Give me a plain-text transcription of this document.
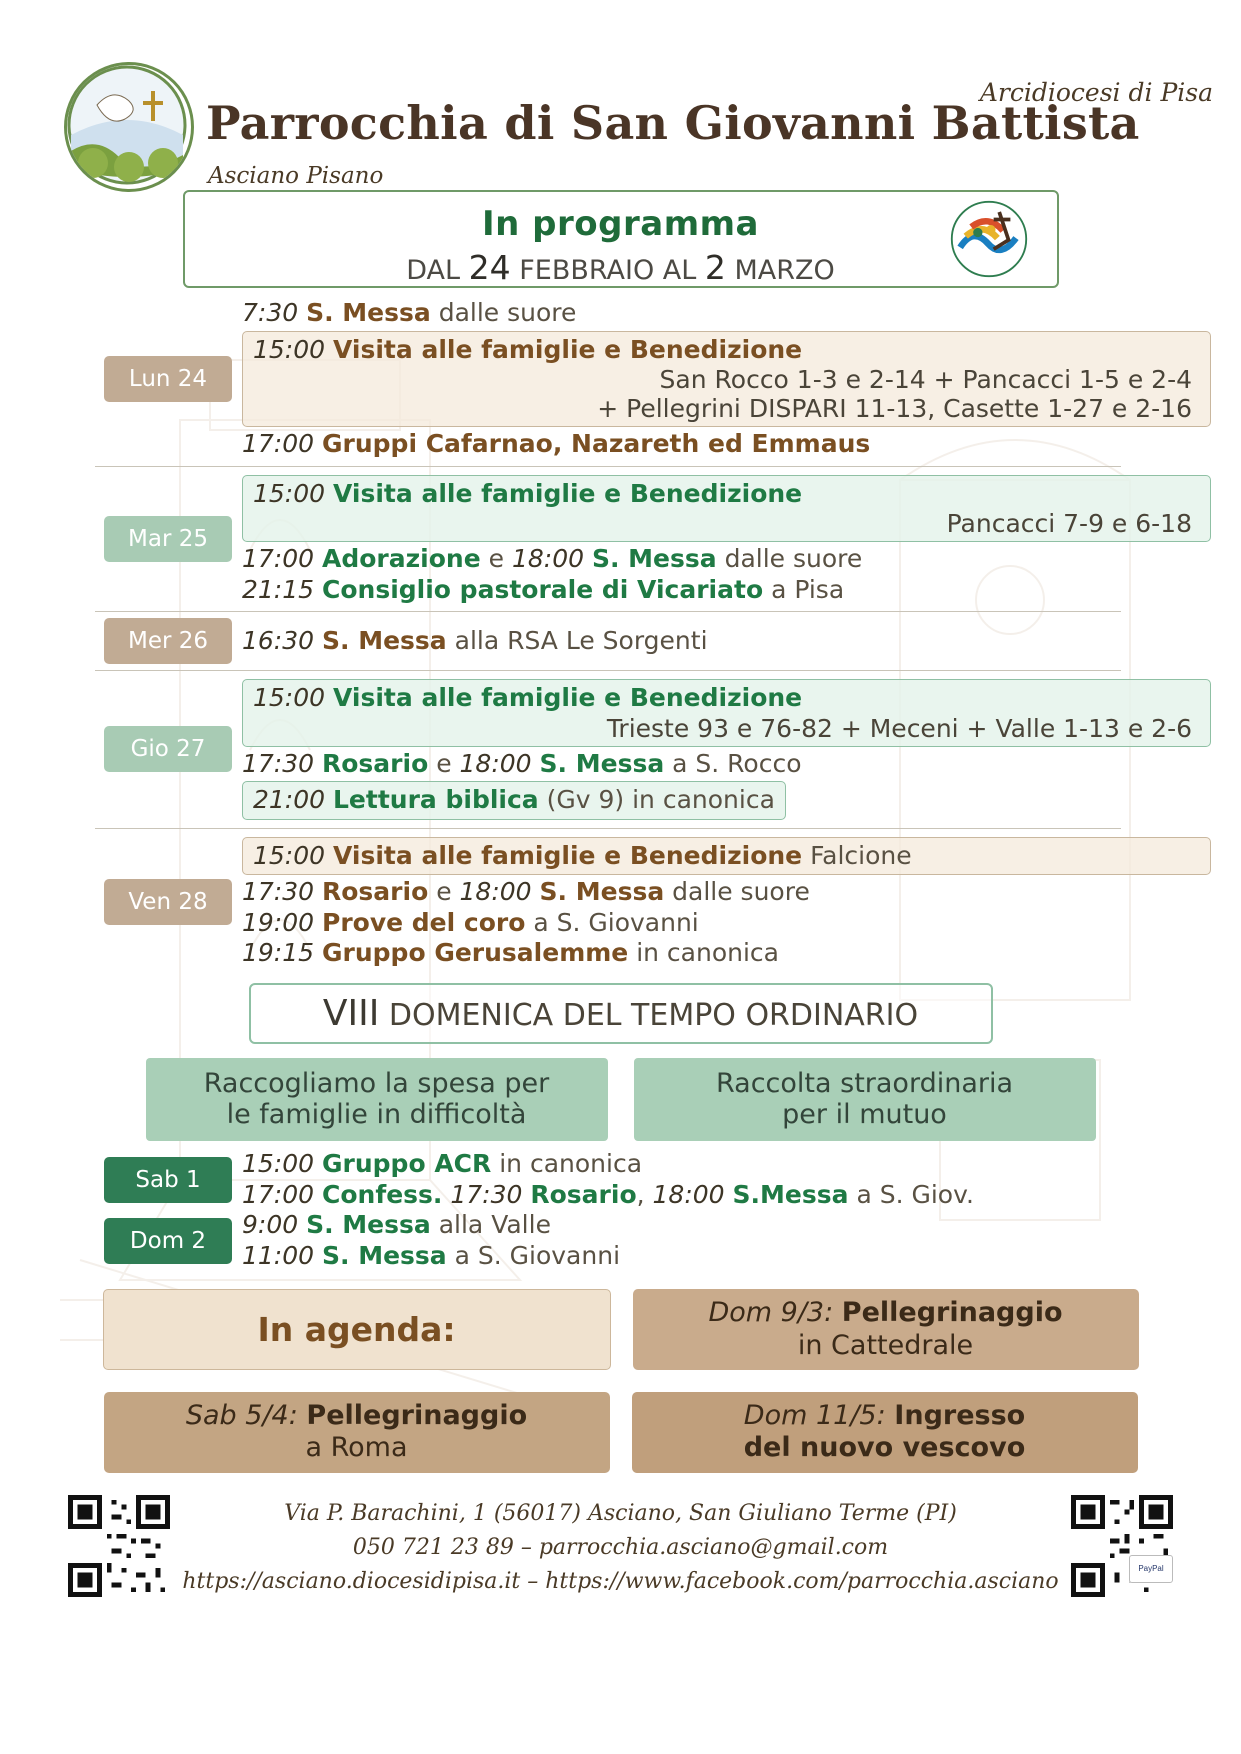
Arcidiocesi di Pisa
Parrocchia di San Giovanni Battista
Asciano Pisano
In programma
DAL 24 FEBBRAIO AL 2 MARZO
Lun 24
7:30 S. Messa dalle suore
15:00 Visita alle famiglie e Benedizione
San Rocco 1-3 e 2-14 + Pancacci 1-5 e 2-4
+ Pellegrini DISPARI 11-13, Casette 1-27 e 2-16
17:00 Gruppi Cafarnao, Nazareth ed Emmaus
Mar 25
15:00 Visita alle famiglie e Benedizione
Pancacci 7-9 e 6-18
17:00 Adorazione e 18:00 S. Messa dalle suore
21:15 Consiglio pastorale di Vicariato a Pisa
Mer 26	16:30 S. Messa alla RSA Le Sorgenti
Gio 27
15:00 Visita alle famiglie e Benedizione
Trieste 93 e 76-82 + Meceni + Valle 1-13 e 2-6
17:30 Rosario e 18:00 S. Messa a S. Rocco
21:00 Lettura biblica (Gv 9) in canonica
Ven 28
15:00 Visita alle famiglie e Benedizione Falcione
17:30 Rosario e 18:00 S. Messa dalle suore
19:00 Prove del coro a S. Giovanni
19:15 Gruppo Gerusalemme in canonica
VIII DOMENICA DEL TEMPO ORDINARIO
Raccogliamo la spesa per
le famiglie in difficoltà
Raccolta straordinaria
per il mutuo
Sab 1
15:00 Gruppo ACR in canonica
17:00 Confess. 17:30 Rosario, 18:00 S.Messa a S. Giov.
Dom 2
9:00 S. Messa alla Valle
11:00 S. Messa a S. Giovanni
In agenda:	Dom 9/3: Pellegrinaggio
in Cattedrale
Sab 5/4: Pellegrinaggio
a Roma
Dom 11/5: Ingresso
del nuovo vescovo
Via P. Barachini, 1 (56017) Asciano, San Giuliano Terme (PI)
050 721 23 89 – parrocchia.asciano@gmail.com
https://asciano.diocesidipisa.it – https://www.facebook.com/parrocchia.asciano
PayPal
